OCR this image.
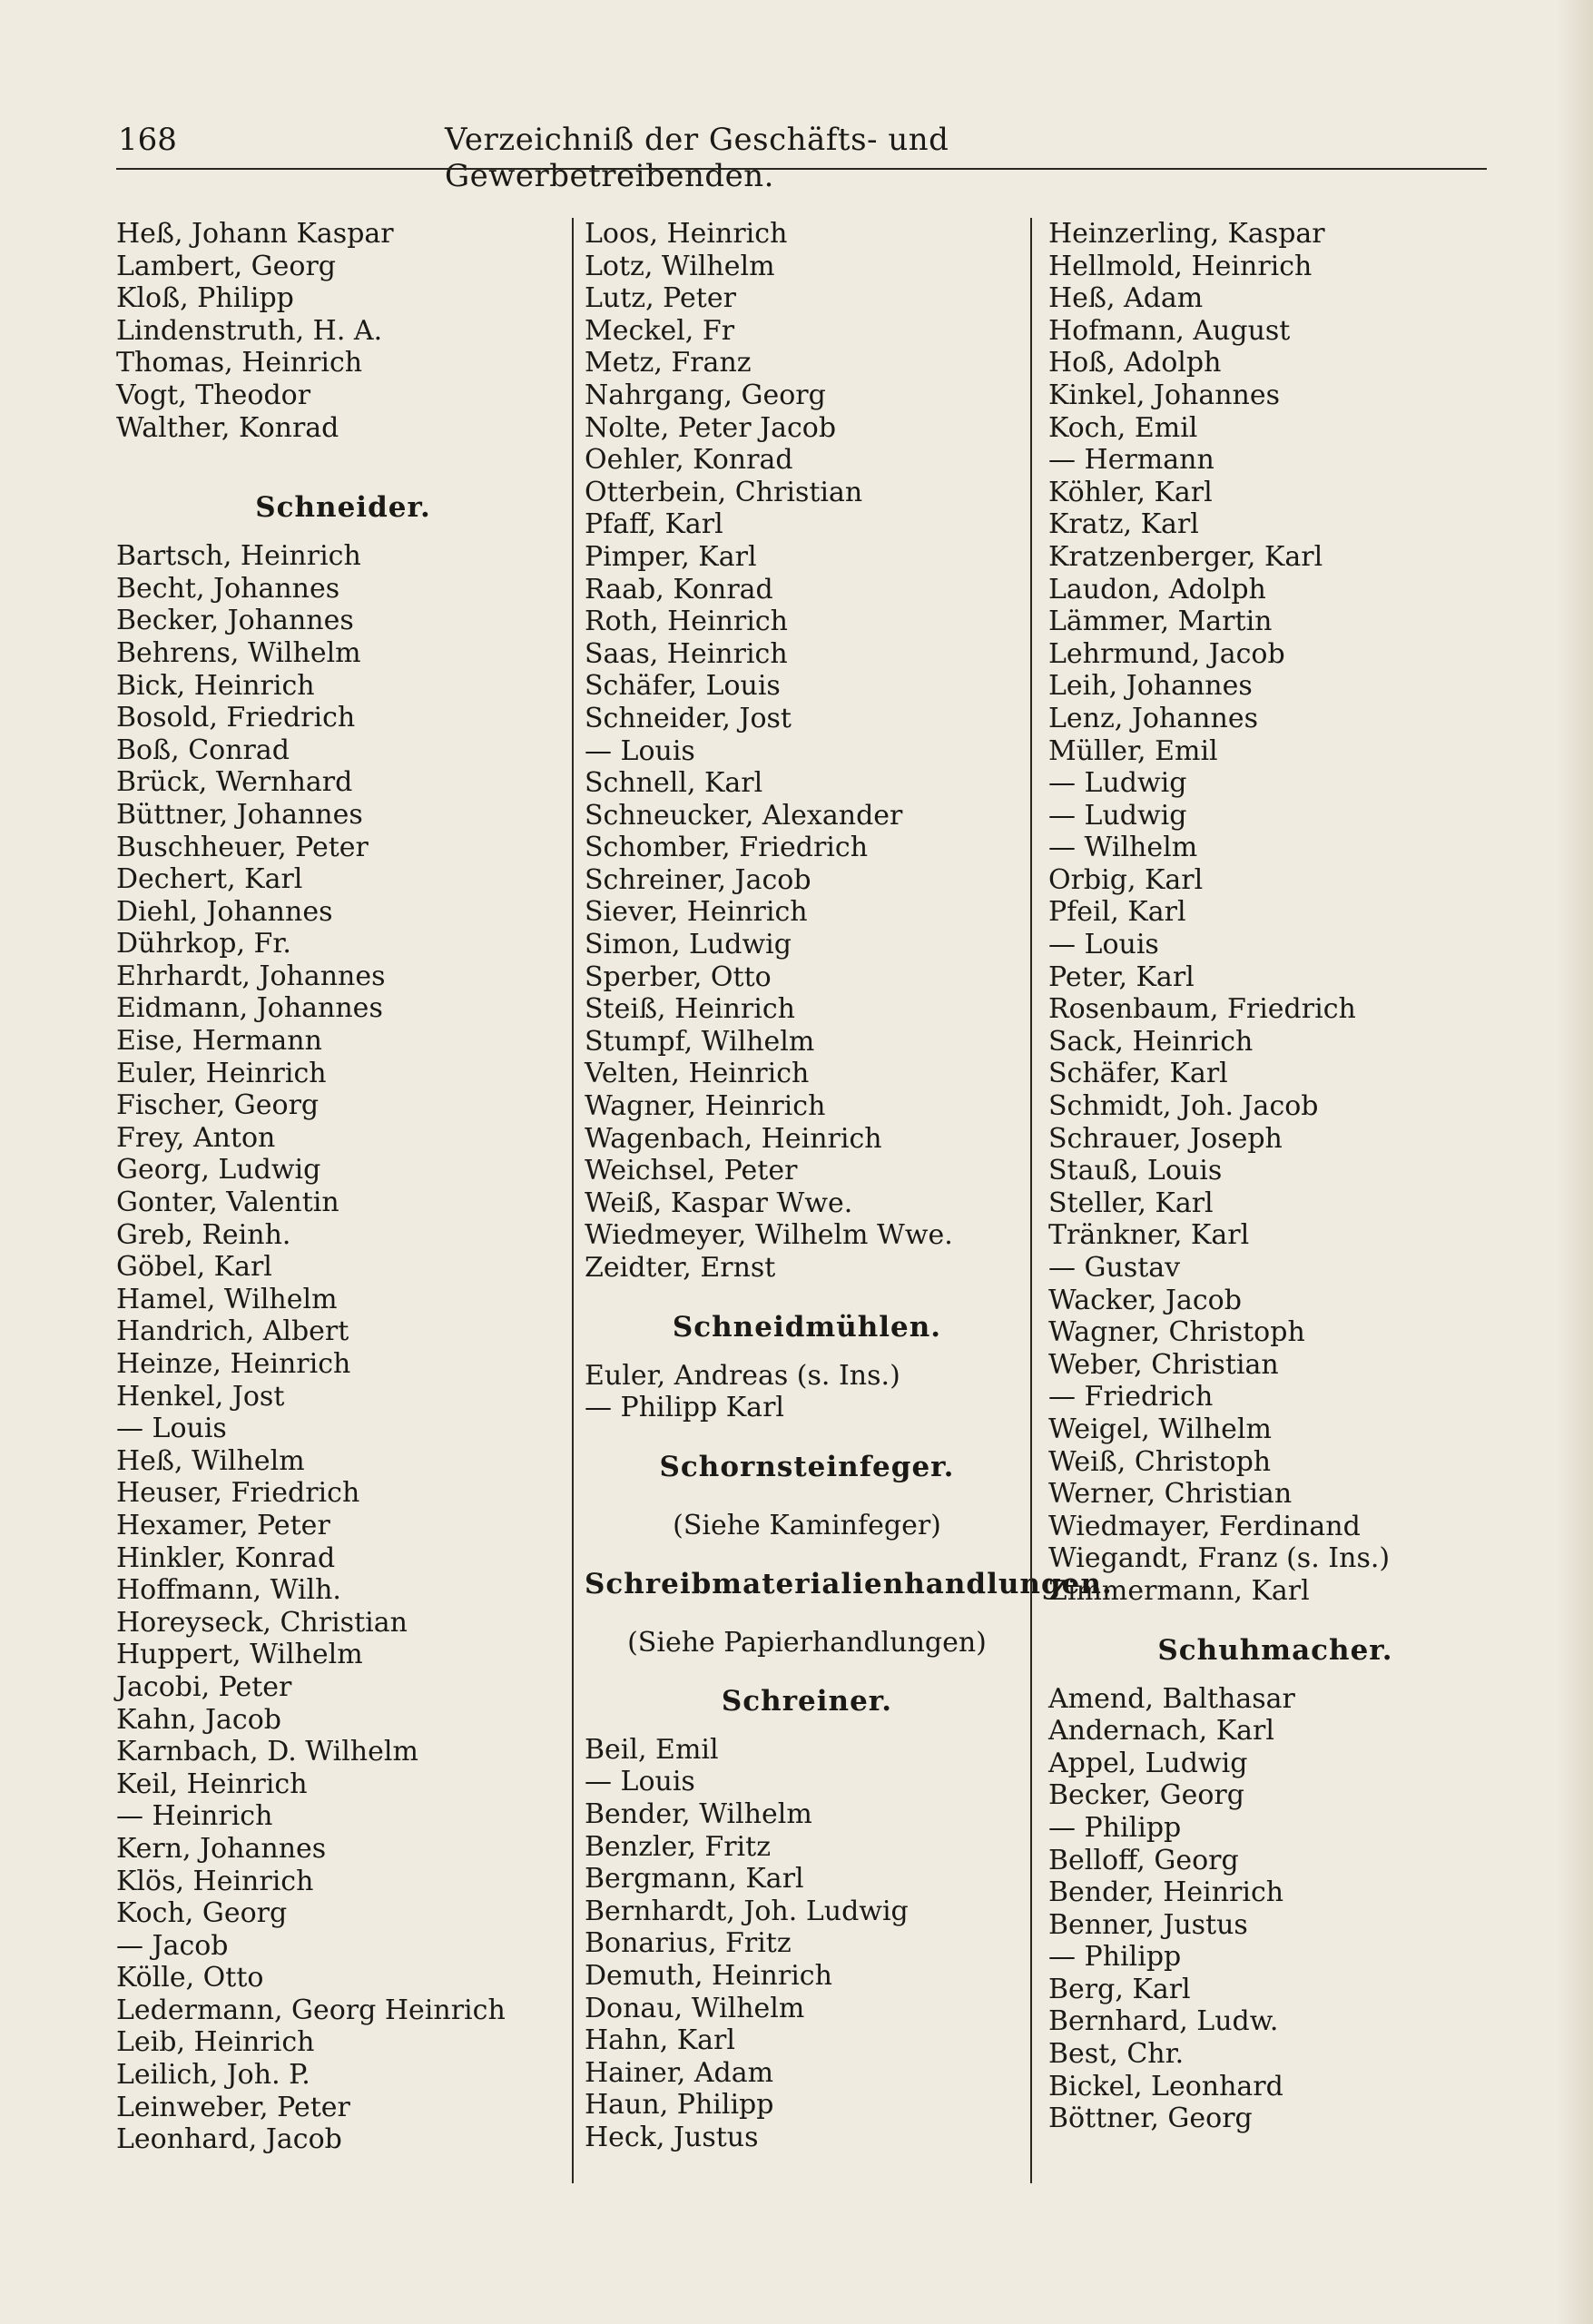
168	Verzeichniß der Geschäfts- und Gewerbetreibenden.
Heß, Johann Kaspar
Lambert, Georg
Kloß, Philipp
Lindenstruth, H. A.
Thomas, Heinrich
Vogt, Theodor
Walther, Konrad
Schneider.
Bartsch, Heinrich
Becht, Johannes
Becker, Johannes
Behrens, Wilhelm
Bick, Heinrich
Bosold, Friedrich
Boß, Conrad
Brück, Wernhard
Büttner, Johannes
Buschheuer, Peter
Dechert, Karl
Diehl, Johannes
Dührkop, Fr.
Ehrhardt, Johannes
Eidmann, Johannes
Eise, Hermann
Euler, Heinrich
Fischer, Georg
Frey, Anton
Georg, Ludwig
Gonter, Valentin
Greb, Reinh.
Göbel, Karl
Hamel, Wilhelm
Handrich, Albert
Heinze, Heinrich
Henkel, Jost
— Louis
Heß, Wilhelm
Heuser, Friedrich
Hexamer, Peter
Hinkler, Konrad
Hoffmann, Wilh.
Horeyseck, Christian
Huppert, Wilhelm
Jacobi, Peter
Kahn, Jacob
Karnbach, D. Wilhelm
Keil, Heinrich
— Heinrich
Kern, Johannes
Klös, Heinrich
Koch, Georg
— Jacob
Kölle, Otto
Ledermann, Georg Heinrich
Leib, Heinrich
Leilich, Joh. P.
Leinweber, Peter
Leonhard, Jacob
Loos, Heinrich
Lotz, Wilhelm
Lutz, Peter
Meckel, Fr
Metz, Franz
Nahrgang, Georg
Nolte, Peter Jacob
Oehler, Konrad
Otterbein, Christian
Pfaff, Karl
Pimper, Karl
Raab, Konrad
Roth, Heinrich
Saas, Heinrich
Schäfer, Louis
Schneider, Jost
— Louis
Schnell, Karl
Schneucker, Alexander
Schomber, Friedrich
Schreiner, Jacob
Siever, Heinrich
Simon, Ludwig
Sperber, Otto
Steiß, Heinrich
Stumpf, Wilhelm
Velten, Heinrich
Wagner, Heinrich
Wagenbach, Heinrich
Weichsel, Peter
Weiß, Kaspar Wwe.
Wiedmeyer, Wilhelm Wwe.
Zeidter, Ernst
Schneidmühlen.
Euler, Andreas (s. Ins.)
— Philipp Karl
Schornsteinfeger.
(Siehe Kaminfeger)
Schreibmaterialienhandlungen.
(Siehe Papierhandlungen)
Schreiner.
Beil, Emil
— Louis
Bender, Wilhelm
Benzler, Fritz
Bergmann, Karl
Bernhardt, Joh. Ludwig
Bonarius, Fritz
Demuth, Heinrich
Donau, Wilhelm
Hahn, Karl
Hainer, Adam
Haun, Philipp
Heck, Justus
Heinzerling, Kaspar
Hellmold, Heinrich
Heß, Adam
Hofmann, August
Hoß, Adolph
Kinkel, Johannes
Koch, Emil
— Hermann
Köhler, Karl
Kratz, Karl
Kratzenberger, Karl
Laudon, Adolph
Lämmer, Martin
Lehrmund, Jacob
Leih, Johannes
Lenz, Johannes
Müller, Emil
— Ludwig
— Ludwig
— Wilhelm
Orbig, Karl
Pfeil, Karl
— Louis
Peter, Karl
Rosenbaum, Friedrich
Sack, Heinrich
Schäfer, Karl
Schmidt, Joh. Jacob
Schrauer, Joseph
Stauß, Louis
Steller, Karl
Tränkner, Karl
— Gustav
Wacker, Jacob
Wagner, Christoph
Weber, Christian
— Friedrich
Weigel, Wilhelm
Weiß, Christoph
Werner, Christian
Wiedmayer, Ferdinand
Wiegandt, Franz (s. Ins.)
Zimmermann, Karl
Schuhmacher.
Amend, Balthasar
Andernach, Karl
Appel, Ludwig
Becker, Georg
— Philipp
Belloff, Georg
Bender, Heinrich
Benner, Justus
— Philipp
Berg, Karl
Bernhard, Ludw.
Best, Chr.
Bickel, Leonhard
Böttner, Georg
